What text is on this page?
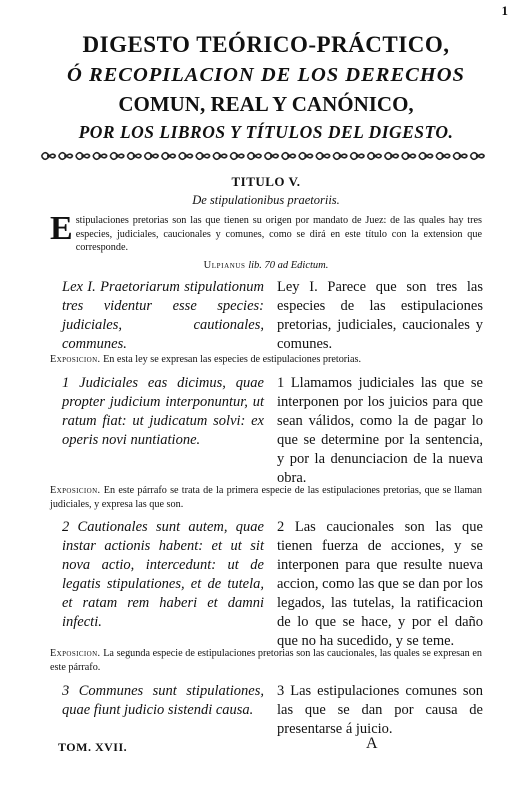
1
DIGESTO TEÓRICO-PRÁCTICO,
Ó RECOPILACION DE LOS DERECHOS
COMUN, REAL Y CANÓNICO,
POR LOS LIBROS Y TÍTULOS DEL DIGESTO.
TITULO V.
De stipulationibus praetoriis.
Estipulaciones pretorias son las que tienen su origen por mandato de Juez: de las quales hay tres especies, judiciales, caucionales y comunes, como se dirá en este título con la extension que corresponde.
Ulpianus lib. 70 ad Edictum.
Lex I. Praetoriarum stipulationum tres videntur esse species: judiciales, cautionales, communes.
Ley I. Parece que son tres las especies de las estipulaciones pretorias, judiciales, caucionales y comunes.
Exposicion. En esta ley se expresan las especies de estipulaciones pretorias.
1 Judiciales eas dicimus, quae propter judicium interponuntur, ut ratum fiat: ut judicatum solvi: ex operis novi nuntiatione.
1 Llamamos judiciales las que se interponen por los juicios para que sean válidos, como la de pagar lo que se determine por la sentencia, y por la denunciacion de la nueva obra.
Exposicion. En este párrafo se trata de la primera especie de las estipulaciones pretorias, que se llaman judiciales, y expresa las que son.
2 Cautionales sunt autem, quae instar actionis habent: et ut sit nova actio, intercedunt: ut de legatis stipulationes, et de tutela, et ratam rem haberi et damni infecti.
2 Las caucionales son las que tienen fuerza de acciones, y se interponen para que resulte nueva accion, como las que se dan por los legados, las tutelas, la ratificacion de lo que se hace, y por el daño que no ha sucedido, y se teme.
Exposicion. La segunda especie de estipulaciones pretorias son las caucionales, las quales se expresan en este párrafo.
3 Communes sunt stipulationes, quae fiunt judicio sistendi causa.
3 Las estipulaciones comunes son las que se dan por causa de presentarse á juicio.
TOM. XVII.	A
